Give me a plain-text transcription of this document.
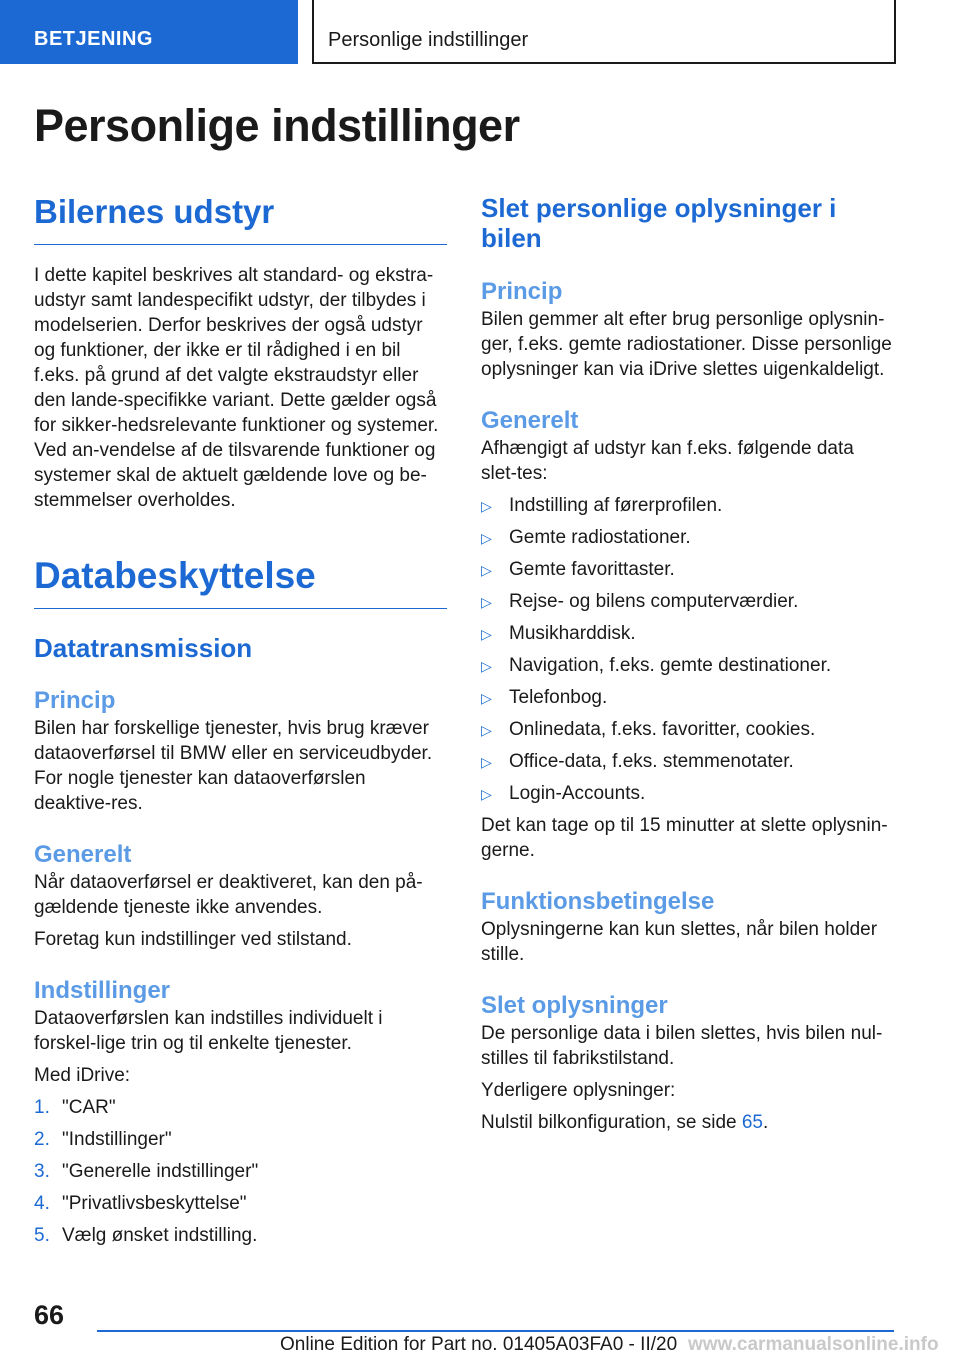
BETJENING	Personlige indstillinger
Personlige indstillinger
Bilernes udstyr

I dette kapitel beskrives alt standard- og ekstra-udstyr samt landespecifikt udstyr, der tilbydes i modelserien. Derfor beskrives der også udstyr og funktioner, der ikke er til rådighed i en bil f.eks. på grund af det valgte ekstraudstyr eller den lande-specifikke variant. Dette gælder også for sikker-hedsrelevante funktioner og systemer. Ved an-vendelse af de tilsvarende funktioner og systemer skal de aktuelt gældende love og be-stemmelser overholdes.

Databeskyttelse
Datatransmission
Princip

Bilen har forskellige tjenester, hvis brug kræver dataoverførsel til BMW eller en serviceudbyder. For nogle tjenester kan dataoverførslen deaktive-res.

Generelt

Når dataoverførsel er deaktiveret, kan den på-gældende tjeneste ikke anvendes.

Foretag kun indstillinger ved stilstand.

Indstillinger

Dataoverførslen kan indstilles individuelt i forskel-lige trin og til enkelte tjenester.

Med iDrive:

1. "CAR"
2. "Indstillinger"
3. "Generelle indstillinger"
4. "Privatlivsbeskyttelse"
5. Vælg ønsket indstilling.
Slet personlige oplysninger i bilen
Princip

Bilen gemmer alt efter brug personlige oplysnin-ger, f.eks. gemte radiostationer. Disse personlige oplysninger kan via iDrive slettes uigenkaldeligt.

Generelt

Afhængigt af udstyr kan f.eks. følgende data slet-tes:

▷ Indstilling af førerprofilen.
▷ Gemte radiostationer.
▷ Gemte favorittaster.
▷ Rejse- og bilens computerværdier.
▷ Musikharddisk.
▷ Navigation, f.eks. gemte destinationer.
▷ Telefonbog.
▷ Onlinedata, f.eks. favoritter, cookies.
▷ Office-data, f.eks. stemmenotater.
▷ Login-Accounts.

Det kan tage op til 15 minutter at slette oplysnin-gerne.

Funktionsbetingelse

Oplysningerne kan kun slettes, når bilen holder stille.

Slet oplysninger

De personlige data i bilen slettes, hvis bilen nul-stilles til fabrikstilstand.

Yderligere oplysninger:

Nulstil bilkonfiguration, se side 65.

66

Online Edition for Part no. 01405A03FA0 - II/20 www.carmanualsonline.info
